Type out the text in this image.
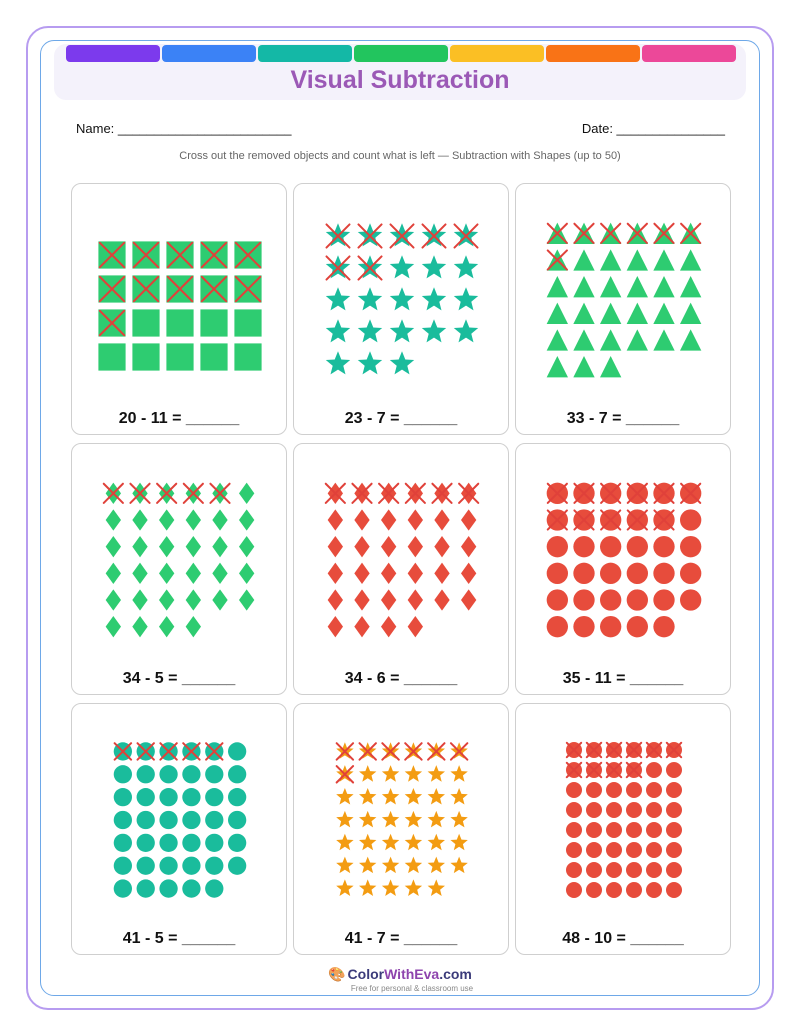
Visual Subtraction
Name: ________________________	Date: _______________
Cross out the removed objects and count what is left — Subtraction with Shapes (up to 50)
20 - 11 = ______	23 - 7 = ______	33 - 7 = ______
34 - 5 = ______	34 - 6 = ______	35 - 11 = ______
41 - 5 = ______	41 - 7 = ______	48 - 10 = ______
🎨 ColorWithEva.com
Free for personal & classroom use
